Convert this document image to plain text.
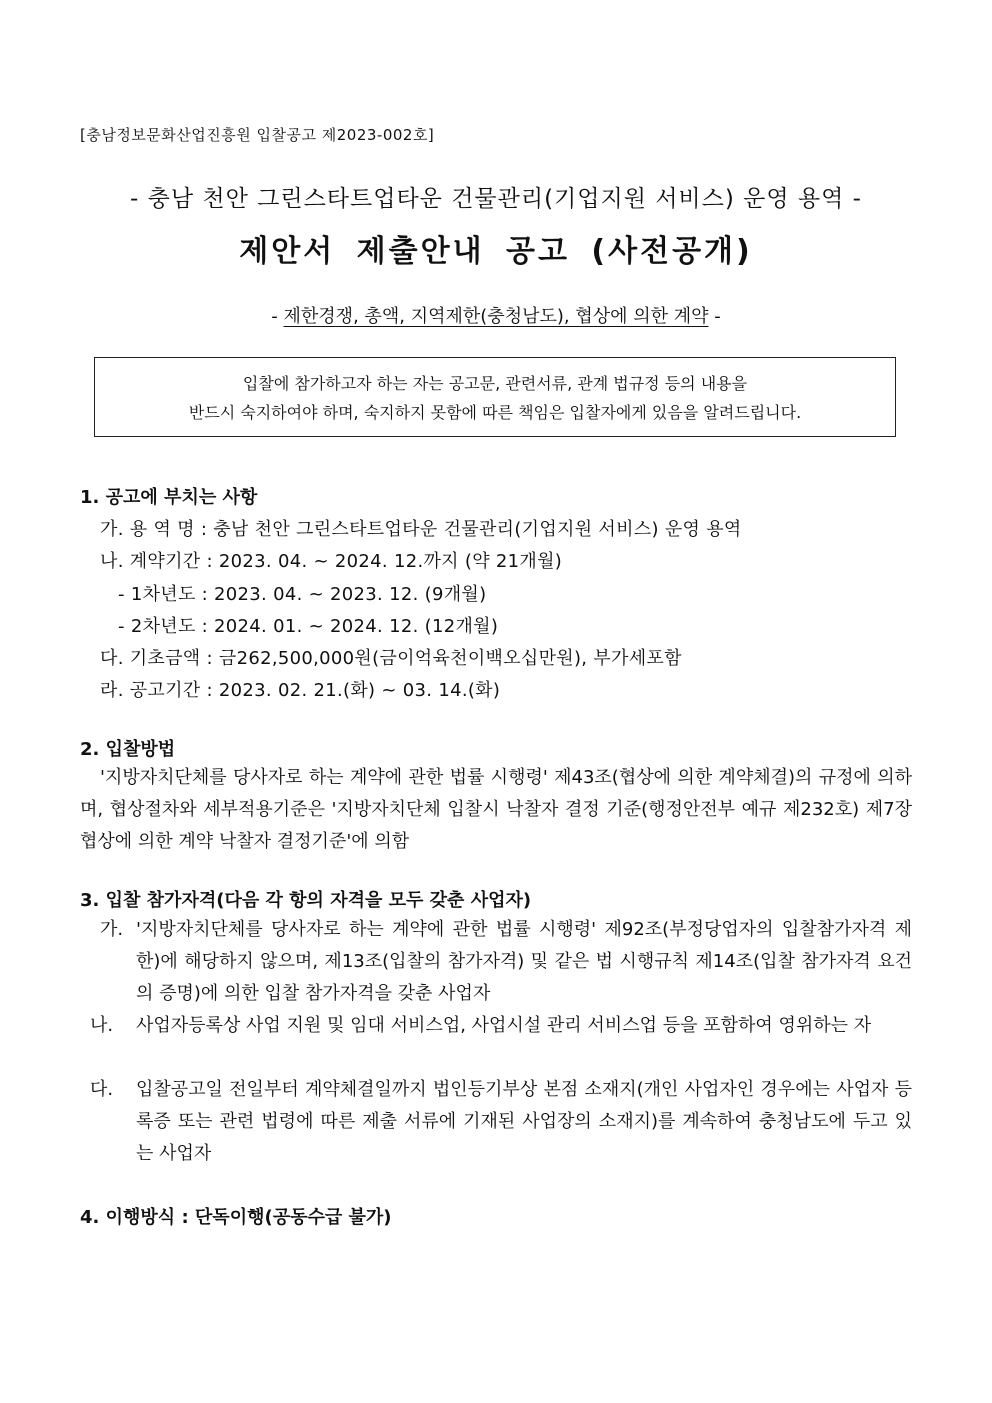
[충남정보문화산업진흥원 입찰공고 제2023-002호]
- 충남 천안 그린스타트업타운 건물관리(기업지원 서비스) 운영 용역 -
제안서 제출안내 공고 (사전공개)
- 제한경쟁, 총액, 지역제한(충청남도), 협상에 의한 계약 -
입찰에 참가하고자 하는 자는 공고문, 관련서류, 관계 법규정 등의 내용을
반드시 숙지하여야 하며, 숙지하지 못함에 따른 책임은 입찰자에게 있음을 알려드립니다.
1. 공고에 부치는 사항
가. 용 역 명 : 충남 천안 그린스타트업타운 건물관리(기업지원 서비스) 운영 용역
나. 계약기간 : 2023. 04. ~ 2024. 12.까지 (약 21개월)
- 1차년도 : 2023. 04. ~ 2023. 12. (9개월)
- 2차년도 : 2024. 01. ~ 2024. 12. (12개월)
다. 기초금액 : 금262,500,000원(금이억육천이백오십만원), 부가세포함
라. 공고기간 : 2023. 02. 21.(화) ~ 03. 14.(화)
2. 입찰방법
'지방자치단체를 당사자로 하는 계약에 관한 법률 시행령' 제43조(협상에 의한 계약체결)의 규정에 의하며, 협상절차와 세부적용기준은 '지방자치단체 입찰시 낙찰자 결정 기준(행정안전부 예규 제232호) 제7장 협상에 의한 계약 낙찰자 결정기준'에 의함
3. 입찰 참가자격(다음 각 항의 자격을 모두 갖춘 사업자)
가. '지방자치단체를 당사자로 하는 계약에 관한 법률 시행령' 제92조(부정당업자의 입찰참가자격 제한)에 해당하지 않으며, 제13조(입찰의 참가자격) 및 같은 법 시행규칙 제14조(입찰 참가자격 요건의 증명)에 의한 입찰 참가자격을 갖춘 사업자
나.	사업자등록상 사업 지원 및 임대 서비스업, 사업시설 관리 서비스업 등을 포함하여 영위하는 자
다.	입찰공고일 전일부터 계약체결일까지 법인등기부상 본점 소재지(개인 사업자인 경우에는 사업자 등록증 또는 관련 법령에 따른 제출 서류에 기재된 사업장의 소재지)를 계속하여 충청남도에 두고 있는 사업자
4. 이행방식 : 단독이행(공동수급 불가)
